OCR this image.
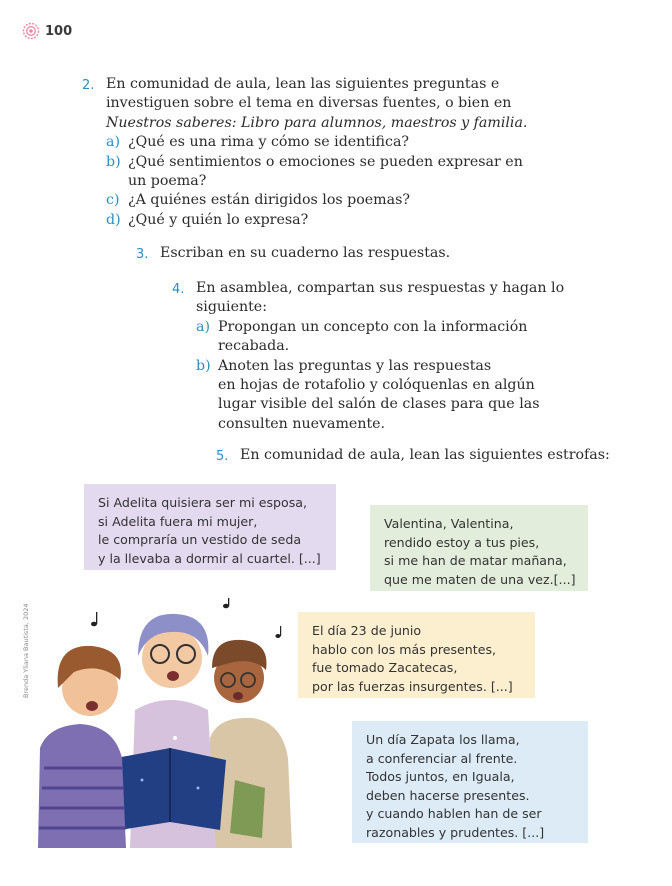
100
2. En comunidad de aula, lean las siguientes preguntas e
investiguen sobre el tema en diversas fuentes, o bien en
Nuestros saberes: Libro para alumnos, maestros y familia.
a) ¿Qué es una rima y cómo se identifica?
b) ¿Qué sentimientos o emociones se pueden expresar en
un poema?
c) ¿A quiénes están dirigidos los poemas?
d) ¿Qué y quién lo expresa?
3. Escriban en su cuaderno las respuestas.
4. En asamblea, compartan sus respuestas y hagan lo
siguiente:
a) Propongan un concepto con la información
recabada.
b) Anoten las preguntas y las respuestas
en hojas de rotafolio y colóquenlas en algún
lugar visible del salón de clases para que las
consulten nuevamente.
5. En comunidad de aula, lean las siguientes estrofas:
Si Adelita quisiera ser mi esposa,
si Adelita fuera mi mujer,
le compraría un vestido de seda
y la llevaba a dormir al cuartel. [...]
Valentina, Valentina,
rendido estoy a tus pies,
si me han de matar mañana,
que me maten de una vez.[...]
El día 23 de junio
hablo con los más presentes,
fue tomado Zacatecas,
por las fuerzas insurgentes. [...]
Un día Zapata los llama,
a conferenciar al frente.
Todos juntos, en Iguala,
deben hacerse presentes.
y cuando hablen han de ser
razonables y prudentes. [...]
Brenda Yliana Bautista, 2024
